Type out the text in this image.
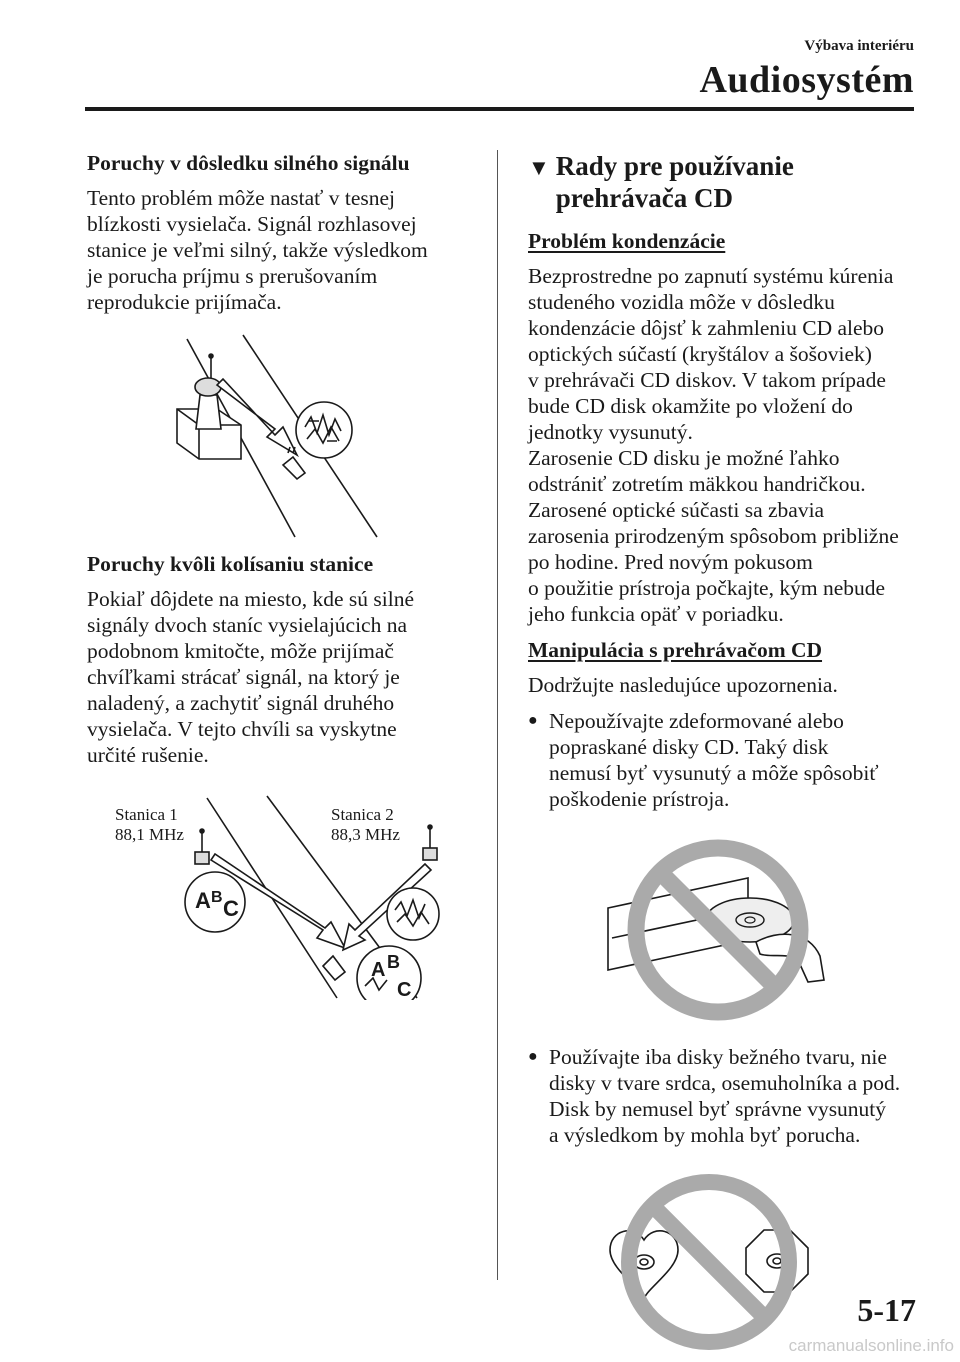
Výbava interiéru
Audiosystém
Poruchy v dôsledku silného signálu

Tento problém môže nastať v tesnej

blízkosti vysielača. Signál rozhlasovej

stanice je veľmi silný, takže výsledkom

je porucha príjmu s prerušovaním

reprodukcie prijímača.

Poruchy kvôli kolísaniu stanice

Pokiaľ dôjdete na miesto, kde sú silné

signály dvoch staníc vysielajúcich na

podobnom kmitočte, môže prijímač

chvíľkami strácať signál, na ktorý je

naladený, a zachytiť signál druhého

vysielača. V tejto chvíli sa vyskytne

určité rušenie.

Stanica 1
88,1 MHz
Stanica 2
88,3 MHz
A B C
A B
C
▼ Rady pre používanie
prehrávača CD
Problém kondenzácie

Bezprostredne po zapnutí systému kúrenia

studeného vozidla môže v dôsledku

kondenzácie dôjsť k zahmleniu CD alebo

optických súčastí (kryštálov a šošoviek)

v prehrávači CD diskov. V takom prípade

bude CD disk okamžite po vložení do

jednotky vysunutý.

Zarosenie CD disku je možné ľahko

odstrániť zotretím mäkkou handričkou.

Zarosené optické súčasti sa zbavia

zarosenia prirodzeným spôsobom približne

po hodine. Pred novým pokusom

o použitie prístroja počkajte, kým nebude

jeho funkcia opäť v poriadku.

Manipulácia s prehrávačom CD

Dodržujte nasledujúce upozornenia.

● Nepoužívajte zdeformované alebo

popraskané disky CD. Taký disk

nemusí byť vysunutý a môže spôsobiť

poškodenie prístroja.

● Používajte iba disky bežného tvaru, nie

disky v tvare srdca, osemuholníka a pod.

Disk by nemusel byť správne vysunutý

a výsledkom by mohla byť porucha.

5-17
carmanualsonline.info
